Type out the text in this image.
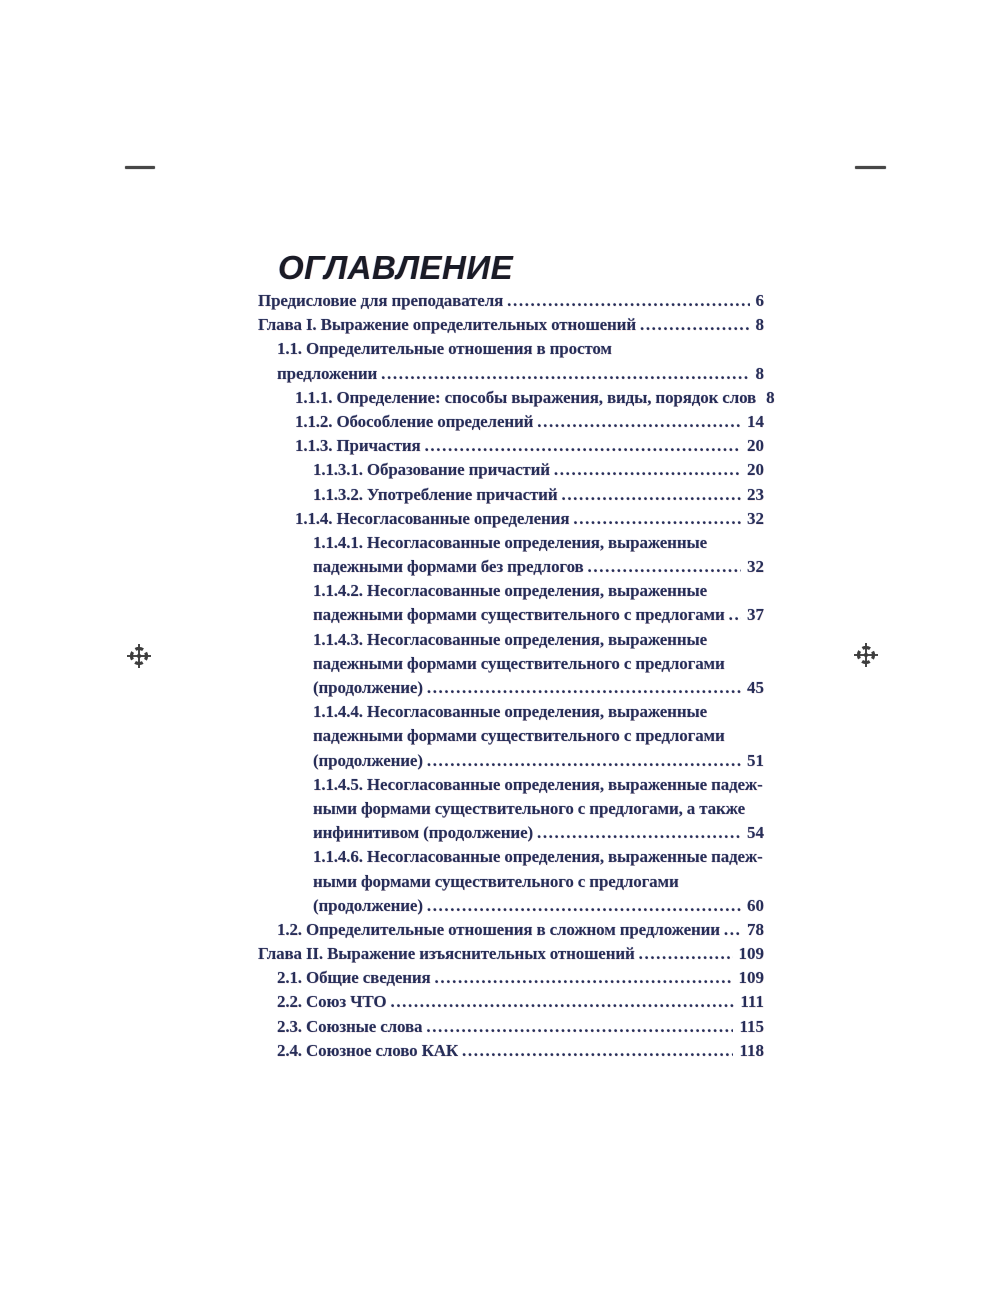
ОГЛАВЛЕНИЕ
Предисловие для преподавателя .....	6
Глава I. Выражение определительных отношений .....	8
1.1. Определительные отношения в простом
предложении .....	8
1.1.1. Определение: способы выражения, виды, порядок слов 8
1.1.2. Обособление определений .....	14
1.1.3. Причастия .....	20
1.1.3.1. Образование причастий .....	20
1.1.3.2. Употребление причастий .....	23
1.1.4. Несогласованные определения .....	32
1.1.4.1. Несогласованные определения, выраженные
падежными формами без предлогов .....	32
1.1.4.2. Несогласованные определения, выраженные
падежными формами существительного с предлогами .....	37
1.1.4.3. Несогласованные определения, выраженные
падежными формами существительного с предлогами
(продолжение) .....	45
1.1.4.4. Несогласованные определения, выраженные
падежными формами существительного с предлогами
(продолжение) .....	51
1.1.4.5. Несогласованные определения, выраженные падеж-
ными формами существительного с предлогами, а также
инфинитивом (продолжение) .....	54
1.1.4.6. Несогласованные определения, выраженные падеж-
ными формами существительного с предлогами
(продолжение) .....	60
1.2. Определительные отношения в сложном предложении .....	78
Глава II. Выражение изъяснительных отношений .....	109
2.1. Общие сведения .....	109
2.2. Союз ЧТО .....	111
2.3. Союзные слова .....	115
2.4. Союзное слово КАК .....	118
